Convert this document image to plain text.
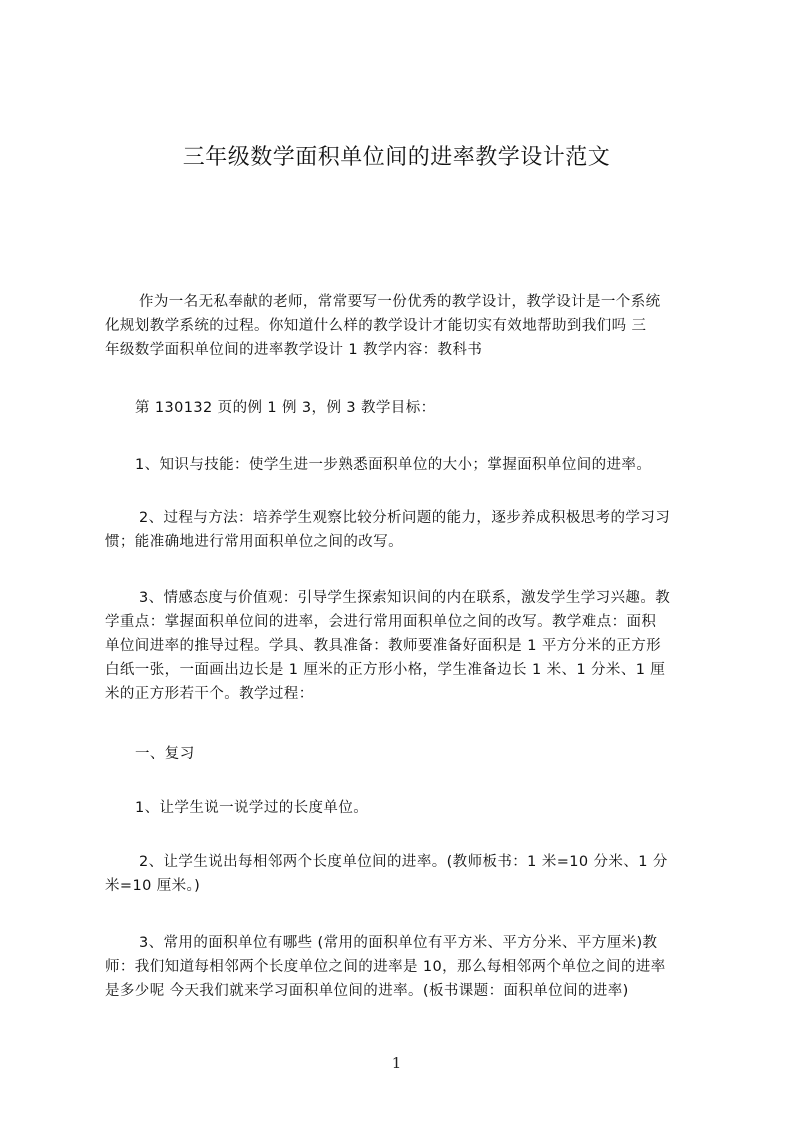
三年级数学面积单位间的进率教学设计范文
作为一名无私奉献的老师，常常要写一份优秀的教学设计，教学设计是一个系统
化规划教学系统的过程。你知道什么样的教学设计才能切实有效地帮助到我们吗 三
年级数学面积单位间的进率教学设计 1 教学内容：教科书
第 130132 页的例 1 例 3，例 3 教学目标：
1、知识与技能：使学生进一步熟悉面积单位的大小；掌握面积单位间的进率。
2、过程与方法：培养学生观察比较分析问题的能力，逐步养成积极思考的学习习
惯；能准确地进行常用面积单位之间的改写。
3、情感态度与价值观：引导学生探索知识间的内在联系，激发学生学习兴趣。教
学重点：掌握面积单位间的进率，会进行常用面积单位之间的改写。教学难点：面积
单位间进率的推导过程。学具、教具准备：教师要准备好面积是 1 平方分米的正方形
白纸一张，一面画出边长是 1 厘米的正方形小格，学生准备边长 1 米、1 分米、1 厘
米的正方形若干个。教学过程：
一、复习
1、让学生说一说学过的长度单位。
2、让学生说出每相邻两个长度单位间的进率。(教师板书：1 米=10 分米、1 分
米=10 厘米。)
3、常用的面积单位有哪些 (常用的面积单位有平方米、平方分米、平方厘米)教
师：我们知道每相邻两个长度单位之间的进率是 10，那么每相邻两个单位之间的进率
是多少呢 今天我们就来学习面积单位间的进率。(板书课题：面积单位间的进率)
1
